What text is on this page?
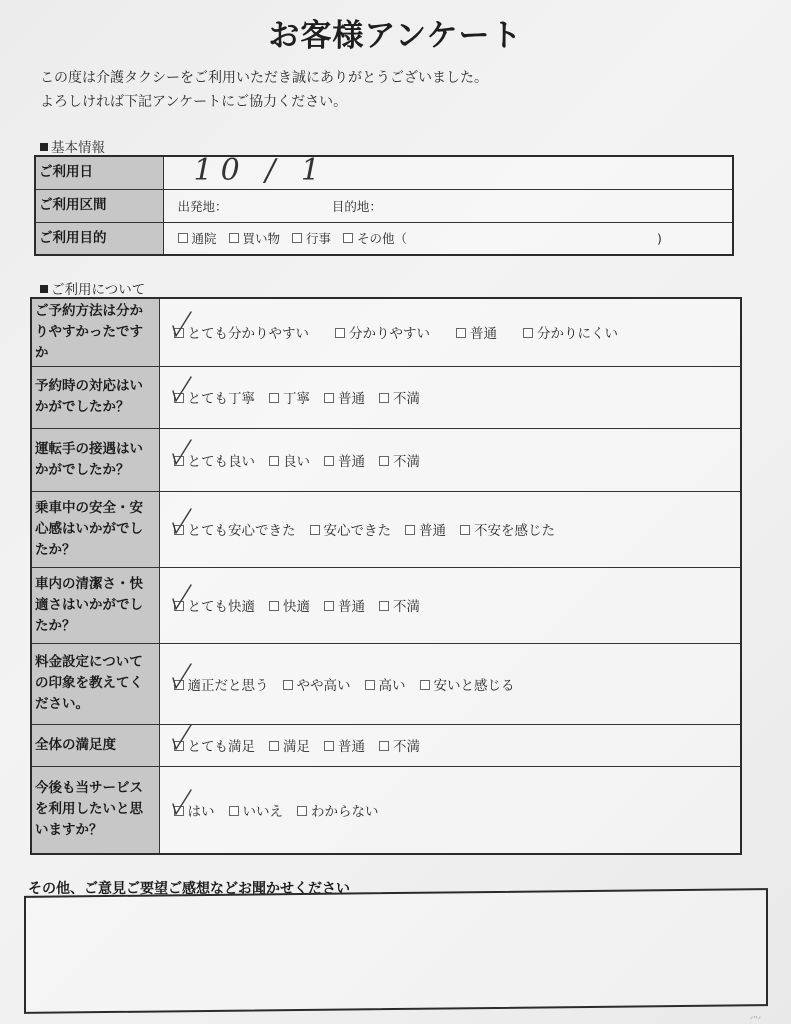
お客様アンケート
この度は介護タクシーをご利用いただき誠にありがとうございました。
よろしければ下記アンケートにご協力ください。
基本情報
ご利用日	10 / 1

ご利用区間	出発地： 目的地：
ご利用目的	通院 買い物 行事 その他（ )
ご利用について
ご予約方法は分かりやすかったですか	とても分かりやすい 分かりやすい 普通 分かりにくい
予約時の対応はいかがでしたか？	とても丁寧 丁寧 普通 不満
運転手の接遇はいかがでしたか？	とても良い 良い 普通 不満
乗車中の安全・安心感はいかがでしたか？	とても安心できた 安心できた 普通 不安を感じた
車内の清潔さ・快適さはいかがでしたか？	とても快適 快適 普通 不満
料金設定についての印象を教えてください。	適正だと思う やや高い 高い 安いと感じる
全体の満足度	とても満足 満足 普通 不満
今後も当サービスを利用したいと思いますか？	はい いいえ わからない
その他、ご意見ご要望ご感想などお聞かせください
ᐟ''ᐟ
